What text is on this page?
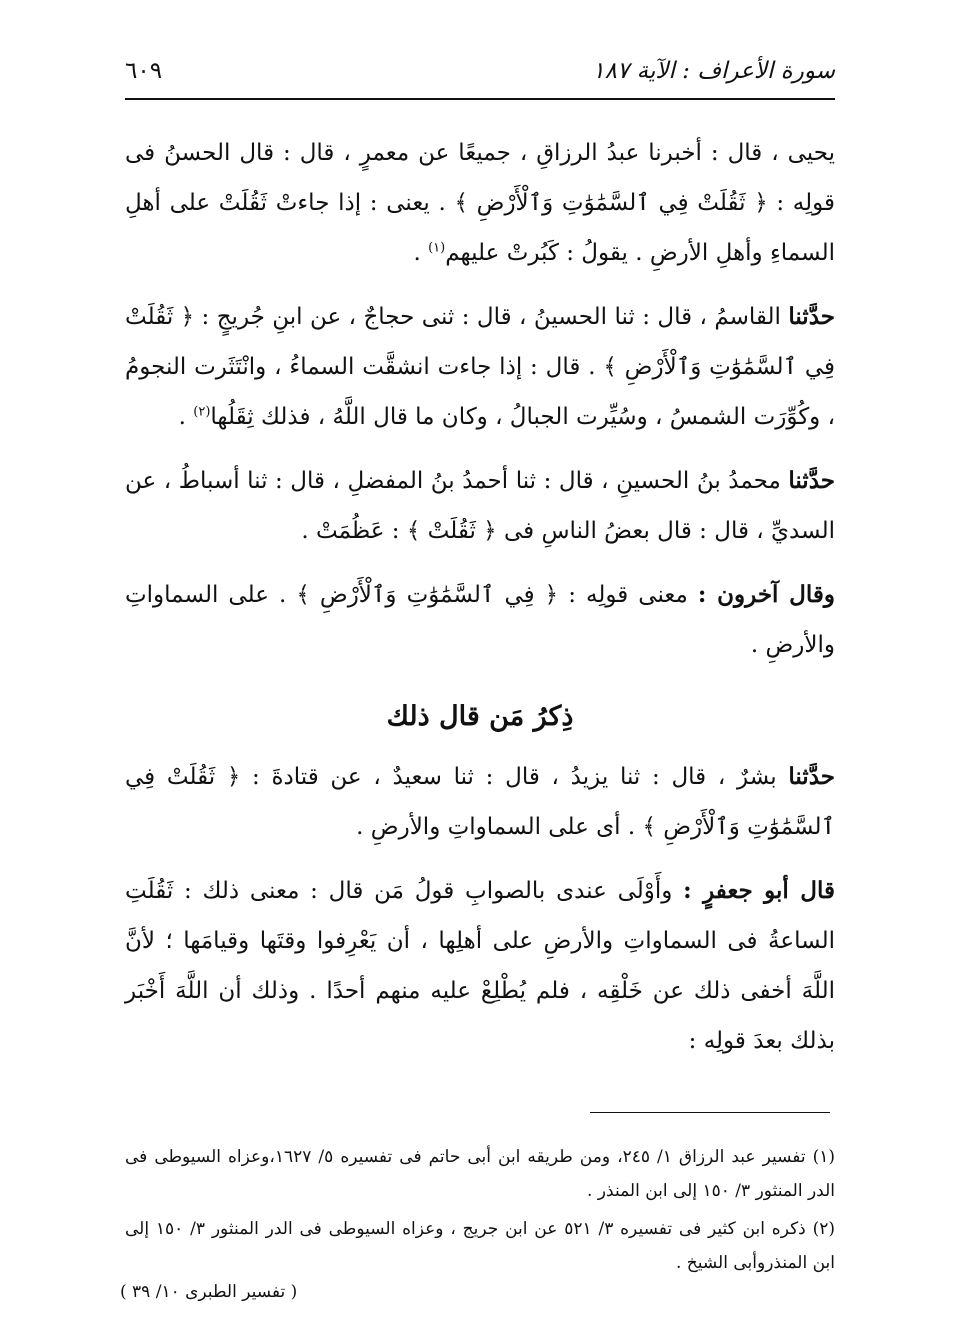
سورة الأعراف : الآية ١٨٧
٦٠٩

يحيى ، قال : أخبرنا عبدُ الرزاقِ ، جميعًا عن معمرٍ ، قال : قال الحسنُ فى قولِه : ﴿ ثَقُلَتْ فِي ٱلسَّمَٰوَٰتِ وَٱلْأَرْضِ ﴾ . يعنى : إذا جاءتْ ثَقُلَتْ على أهلِ السماءِ وأهلِ الأرضِ . يقولُ : كَبُرتْ عليهم$^{(١)}$ .

حدَّثنا القاسمُ ، قال : ثنا الحسينُ ، قال : ثنى حجاجٌ ، عن ابنِ جُريجٍ : ﴿ ثَقُلَتْ فِي ٱلسَّمَٰوَٰتِ وَٱلْأَرْضِ ﴾ . قال : إذا جاءت انشقَّت السماءُ ، وانْتَثَرت النجومُ ، وكُوِّرَت الشمسُ ، وسُيِّرت الجبالُ ، وكان ما قال اللَّهُ ، فذلك ثِقَلُها$^{(٢)}$ .

حدَّثنا محمدُ بنُ الحسينِ ، قال : ثنا أحمدُ بنُ المفضلِ ، قال : ثنا أسباطُ ، عن السديِّ ، قال : قال بعضُ الناسِ فى ﴿ ثَقُلَتْ ﴾ : عَظُمَتْ .

وقال آخرون : معنى قولِه : ﴿ فِي ٱلسَّمَٰوَٰتِ وَٱلْأَرْضِ ﴾ . على السماواتِ والأرضِ .

ذِكرُ مَن قال ذلك

حدَّثنا بشرٌ ، قال : ثنا يزيدُ ، قال : ثنا سعيدٌ ، عن قتادةَ : ﴿ ثَقُلَتْ فِي ٱلسَّمَٰوَٰتِ وَٱلْأَرْضِ ﴾ . أى على السماواتِ والأرضِ .

قال أبو جعفرٍ : وأَوْلَى عندى بالصوابِ قولُ مَن قال : معنى ذلك : ثَقُلَتِ الساعةُ فى السماواتِ والأرضِ على أهلِها ، أن يَعْرِفوا وقتَها وقيامَها ؛ لأنَّ اللَّهَ أخفى ذلك عن خَلْقِه ، فلم يُطْلِعْ عليه منهم أحدًا . وذلك أن اللَّهَ أَخْبَر بذلك بعدَ قولِه :

(١) تفسير عبد الرزاق ١/ ٢٤٥، ومن طريقه ابن أبى حاتم فى تفسيره ٥/ ١٦٢٧،وعزاه السيوطى فى الدر المنثور ٣/ ١٥٠ إلى ابن المنذر .

(٢) ذكره ابن كثير فى تفسيره ٣/ ٥٢١ عن ابن جريج ، وعزاه السيوطى فى الدر المنثور ٣/ ١٥٠ إلى ابن المنذروأبى الشيخ .

( تفسير الطبرى ١٠/ ٣٩ )
